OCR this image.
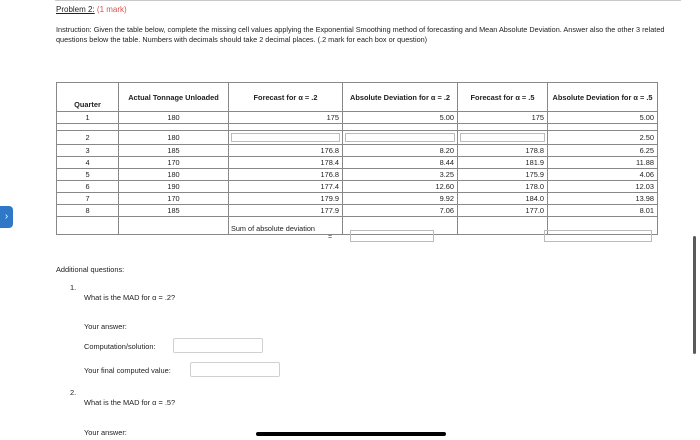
Problem 2: (1 mark)
Instruction: Given the table below, complete the missing cell values applying the Exponential Smoothing method of forecasting and Mean Absolute Deviation. Answer also the other 3 related questions below the table. Numbers with decimals should take 2 decimal places. (.2 mark for each box or question)
›
Quarter	Actual Tonnage Unloaded	Forecast for α = .2	Absolute Deviation for α = .2	Forecast for α = .5	Absolute Deviation for α = .5
1	180	175	5.00	175	5.00

2	180				2.50
3	185	176.8	8.20	178.8	6.25
4	170	178.4	8.44	181.9	11.88
5	180	176.8	3.25	175.9	4.06
6	190	177.4	12.60	178.0	12.03
7	170	179.9	9.92	184.0	13.98
8	185	177.9	7.06	177.0	8.01

Sum of absolute deviation
=
Additional questions:
1.
What is the MAD for α = .2?
Your answer:
Computation/solution:
Your final computed value:
2.
What is the MAD for α = .5?
Your answer:
